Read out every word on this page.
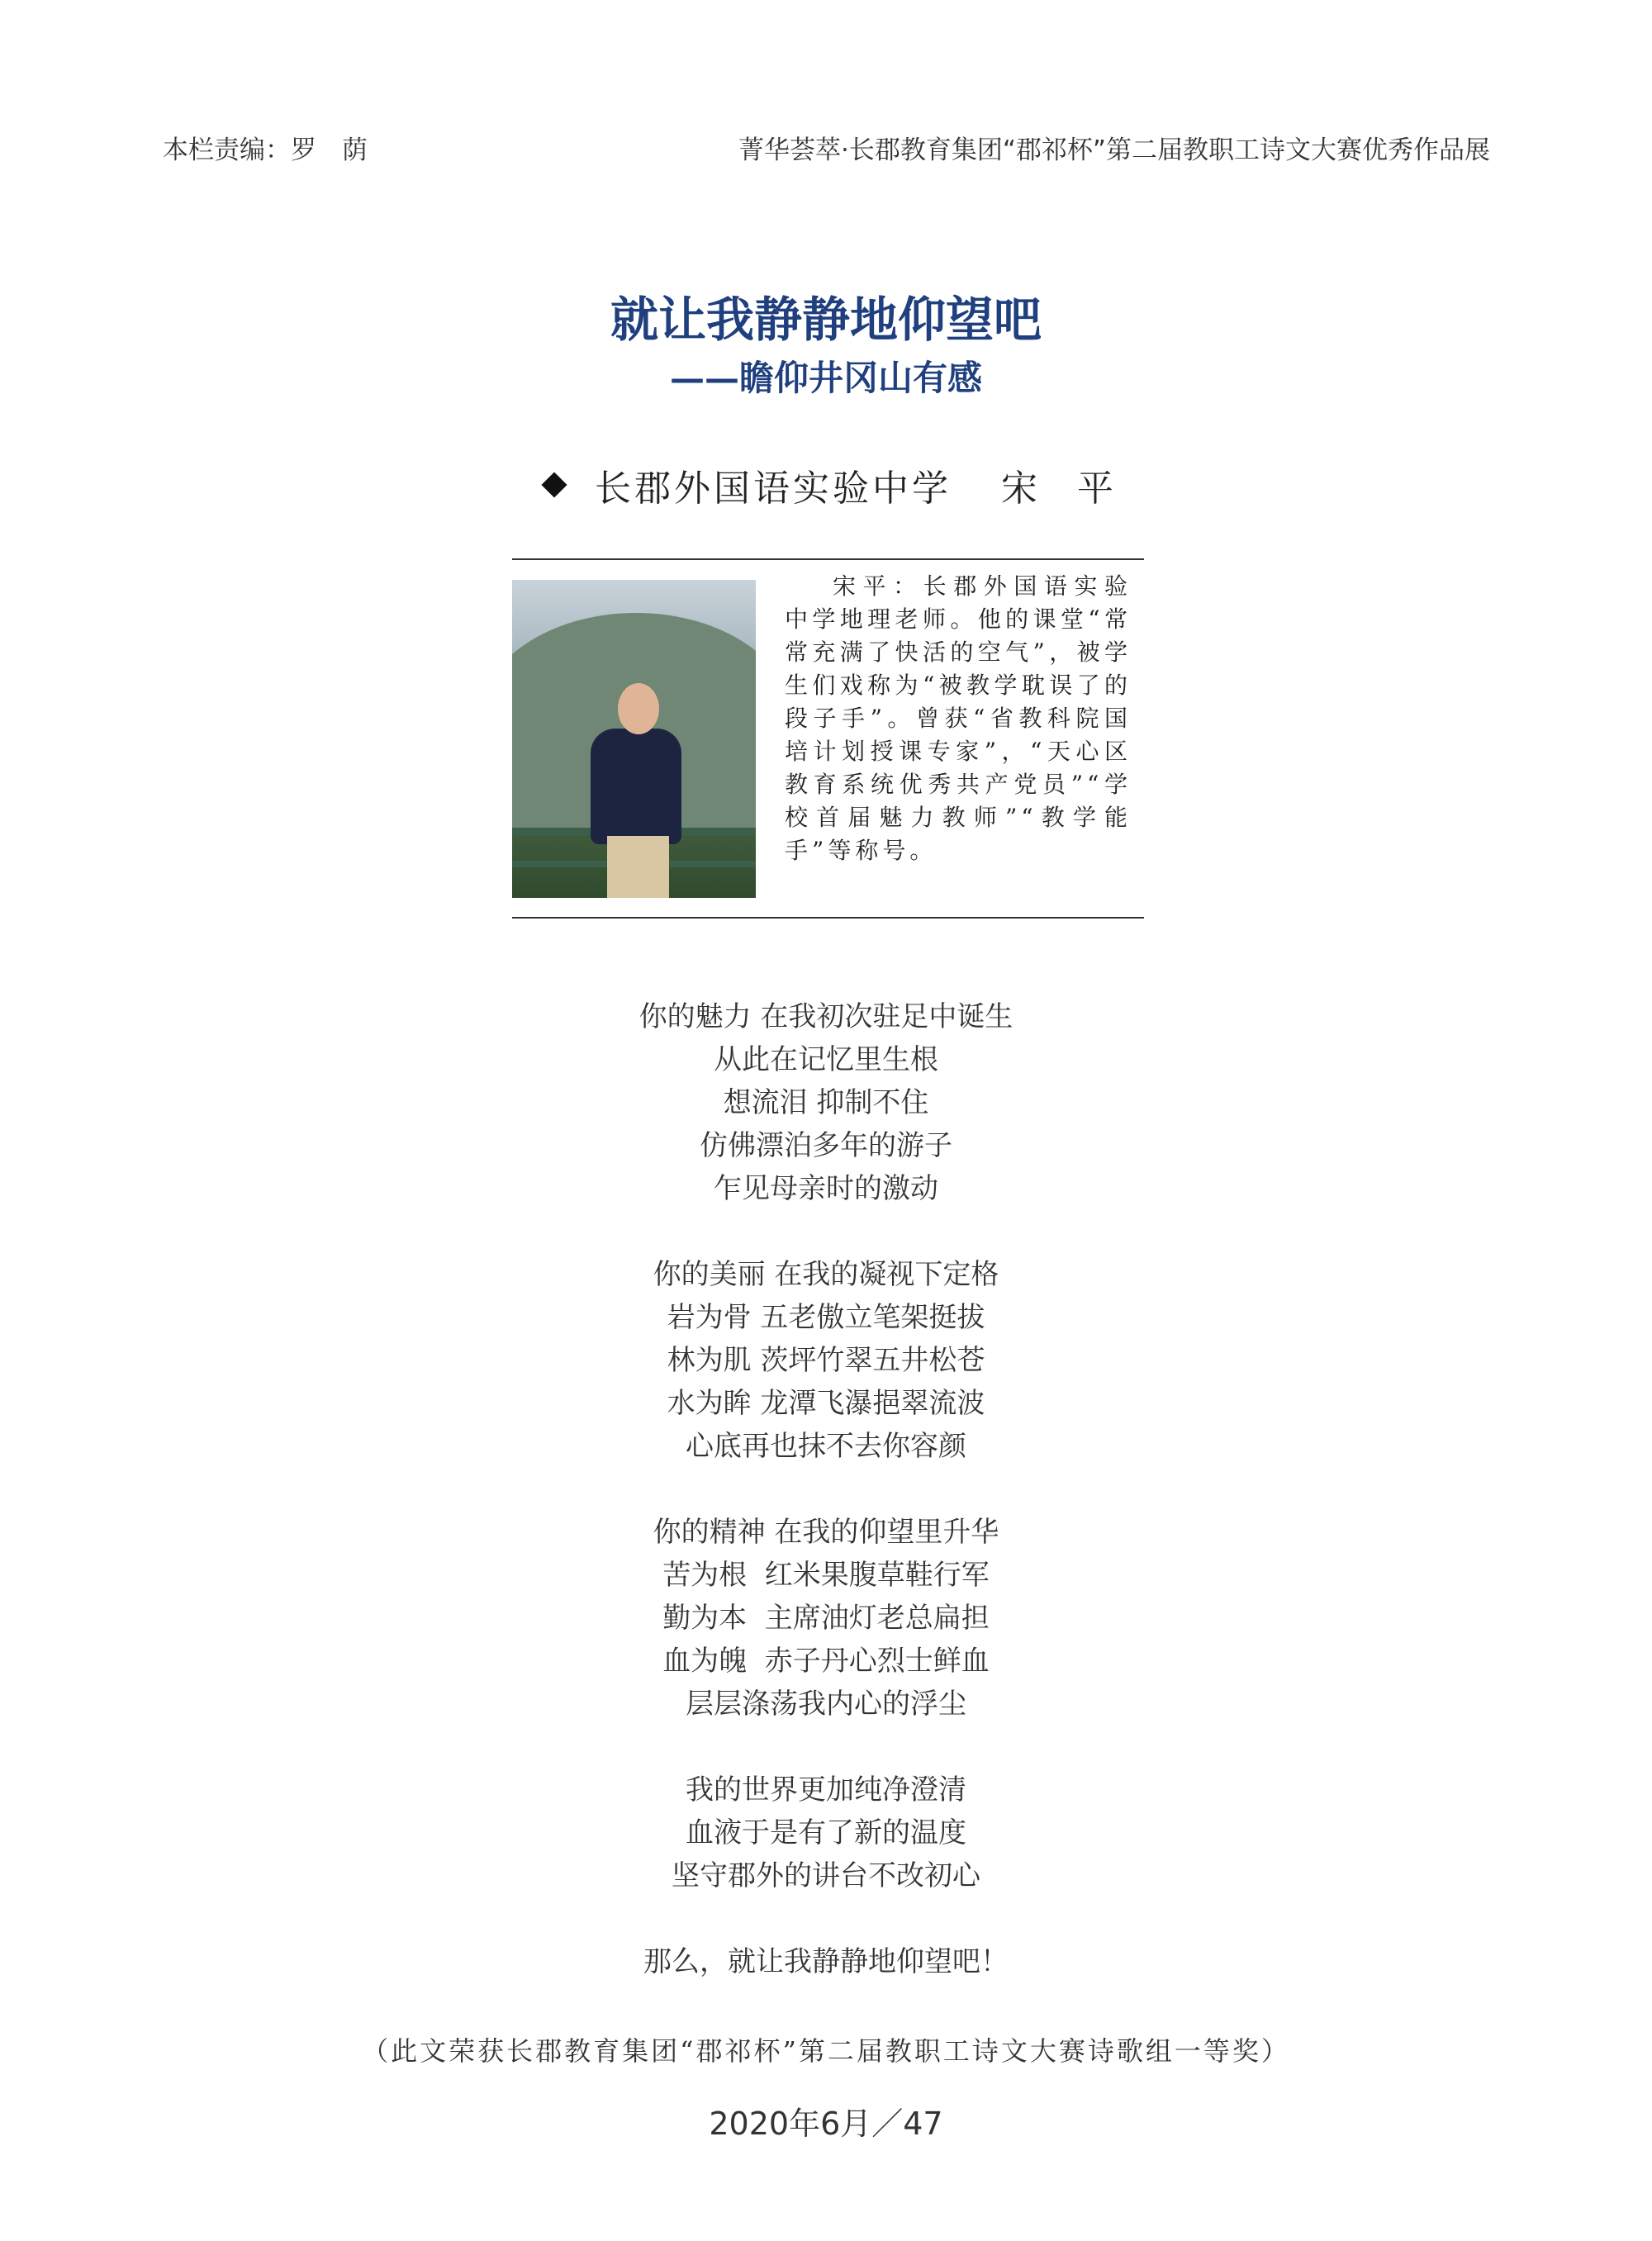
本栏责编：罗　荫	菁华荟萃·长郡教育集团“郡祁杯”第二届教职工诗文大赛优秀作品展
就让我静静地仰望吧
——瞻仰井冈山有感
长郡外国语实验中学 宋平
宋平：长郡外国语实验中学地理老师。他的课堂“常常充满了快活的空气”，被学生们戏称为“被教学耽误了的段子手”。曾获“省教科院国培计划授课专家”，“天心区教育系统优秀共产党员”“学校首届魅力教师”“教学能手”等称号。
你的魅力 在我初次驻足中诞生
从此在记忆里生根
想流泪 抑制不住
仿佛漂泊多年的游子
乍见母亲时的激动
你的美丽 在我的凝视下定格
岩为骨 五老傲立笔架挺拔
林为肌 茨坪竹翠五井松苍
水为眸 龙潭飞瀑挹翠流波
心底再也抹不去你容颜
你的精神 在我的仰望里升华
苦为根  红米果腹草鞋行军
勤为本  主席油灯老总扁担
血为魄  赤子丹心烈士鲜血
层层涤荡我内心的浮尘
我的世界更加纯净澄清
血液于是有了新的温度
坚守郡外的讲台不改初心
那么，就让我静静地仰望吧！
（此文荣获长郡教育集团“郡祁杯”第二届教职工诗文大赛诗歌组一等奖）
2020年6月／47
